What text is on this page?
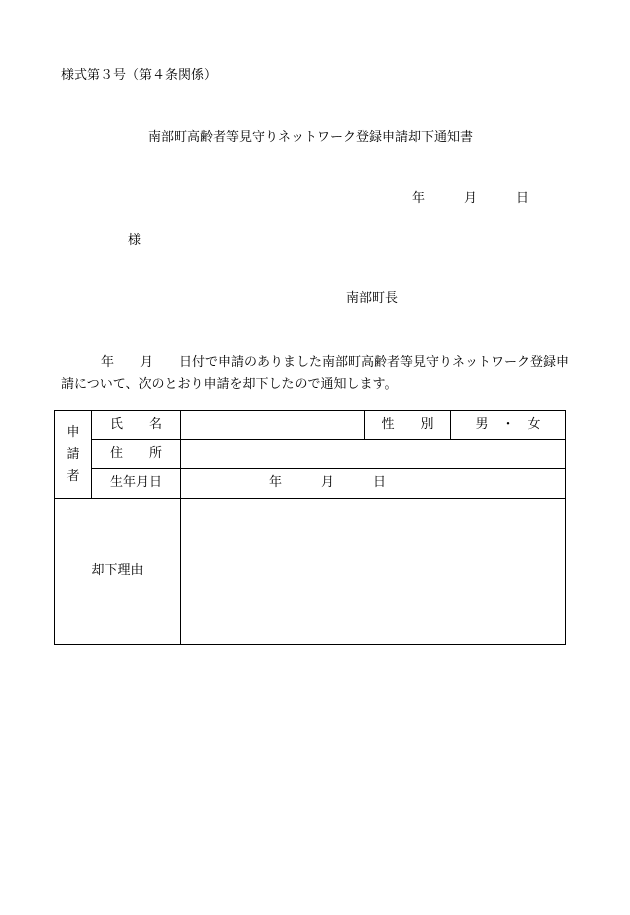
様式第３号（第４条関係）
南部町高齢者等見守りネットワーク登録申請却下通知書
年　　　月　　　日
様
南部町長
年　　月　　日付で申請のありました南部町高齢者等見守りネットワーク登録申請について、次のとおり申請を却下したので通知します。
申
請
者	氏　　名		性　　別	男　・　女
	住　　所			
	生年月日	年　　　月　　　日		
却下理由				
